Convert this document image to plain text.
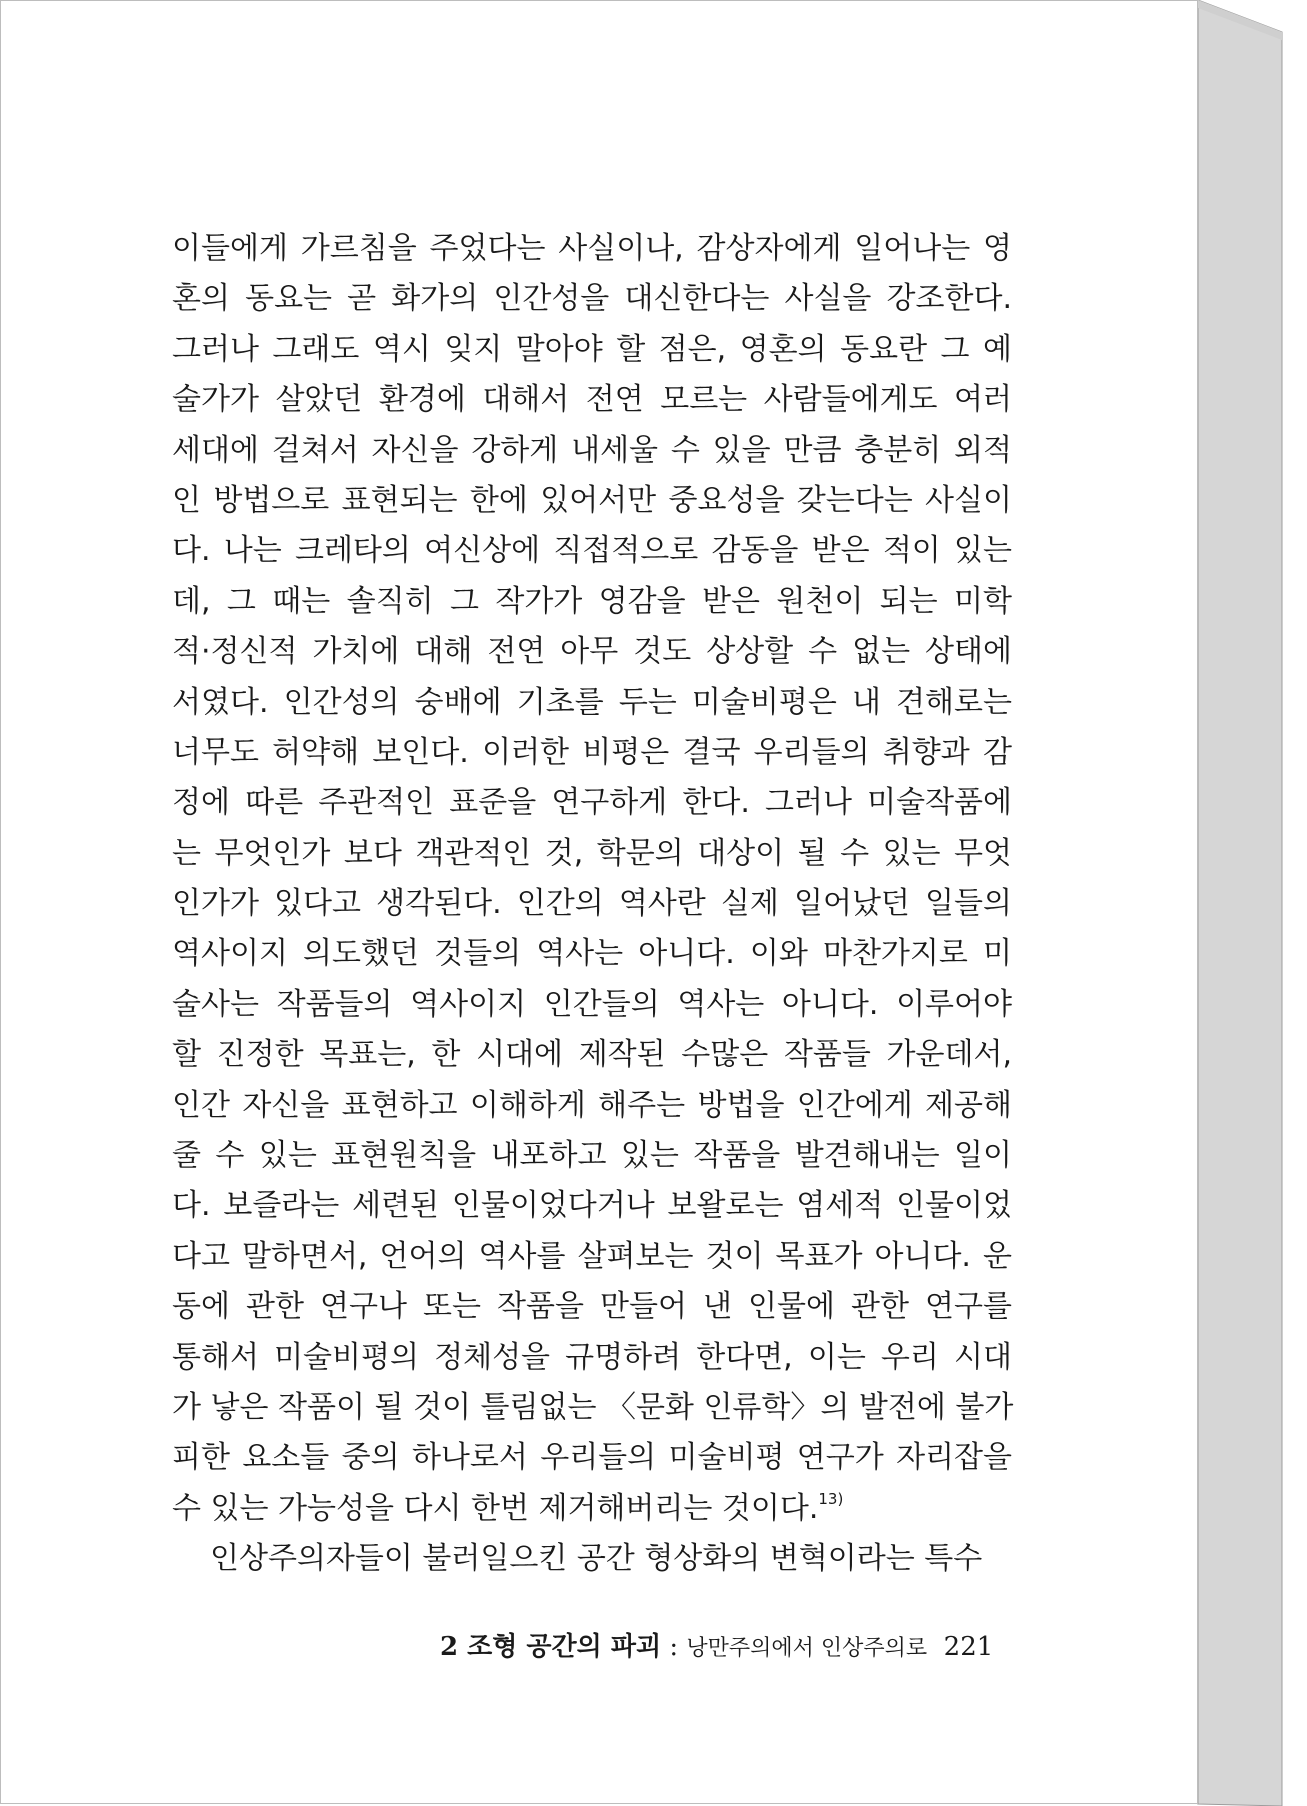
이들에게 가르침을 주었다는 사실이나, 감상자에게 일어나는 영
혼의 동요는 곧 화가의 인간성을 대신한다는 사실을 강조한다.
그러나 그래도 역시 잊지 말아야 할 점은, 영혼의 동요란 그 예
술가가 살았던 환경에 대해서 전연 모르는 사람들에게도 여러
세대에 걸쳐서 자신을 강하게 내세울 수 있을 만큼 충분히 외적
인 방법으로 표현되는 한에 있어서만 중요성을 갖는다는 사실이
다. 나는 크레타의 여신상에 직접적으로 감동을 받은 적이 있는
데, 그 때는 솔직히 그 작가가 영감을 받은 원천이 되는 미학
적·정신적 가치에 대해 전연 아무 것도 상상할 수 없는 상태에
서였다. 인간성의 숭배에 기초를 두는 미술비평은 내 견해로는
너무도 허약해 보인다. 이러한 비평은 결국 우리들의 취향과 감
정에 따른 주관적인 표준을 연구하게 한다. 그러나 미술작품에
는 무엇인가 보다 객관적인 것, 학문의 대상이 될 수 있는 무엇
인가가 있다고 생각된다. 인간의 역사란 실제 일어났던 일들의
역사이지 의도했던 것들의 역사는 아니다. 이와 마찬가지로 미
술사는 작품들의 역사이지 인간들의 역사는 아니다. 이루어야
할 진정한 목표는, 한 시대에 제작된 수많은 작품들 가운데서,
인간 자신을 표현하고 이해하게 해주는 방법을 인간에게 제공해
줄 수 있는 표현원칙을 내포하고 있는 작품을 발견해내는 일이
다. 보즐라는 세련된 인물이었다거나 보왈로는 염세적 인물이었
다고 말하면서, 언어의 역사를 살펴보는 것이 목표가 아니다. 운
동에 관한 연구나 또는 작품을 만들어 낸 인물에 관한 연구를
통해서 미술비평의 정체성을 규명하려 한다면, 이는 우리 시대
가 낳은 작품이 될 것이 틀림없는 〈문화 인류학〉의 발전에 불가
피한 요소들 중의 하나로서 우리들의 미술비평 연구가 자리잡을
수 있는 가능성을 다시 한번 제거해버리는 것이다.$^{13)}$
인상주의자들이 불러일으킨 공간 형상화의 변혁이라는 특수
2 조형 공간의 파괴 : 낭만주의에서 인상주의로 221
